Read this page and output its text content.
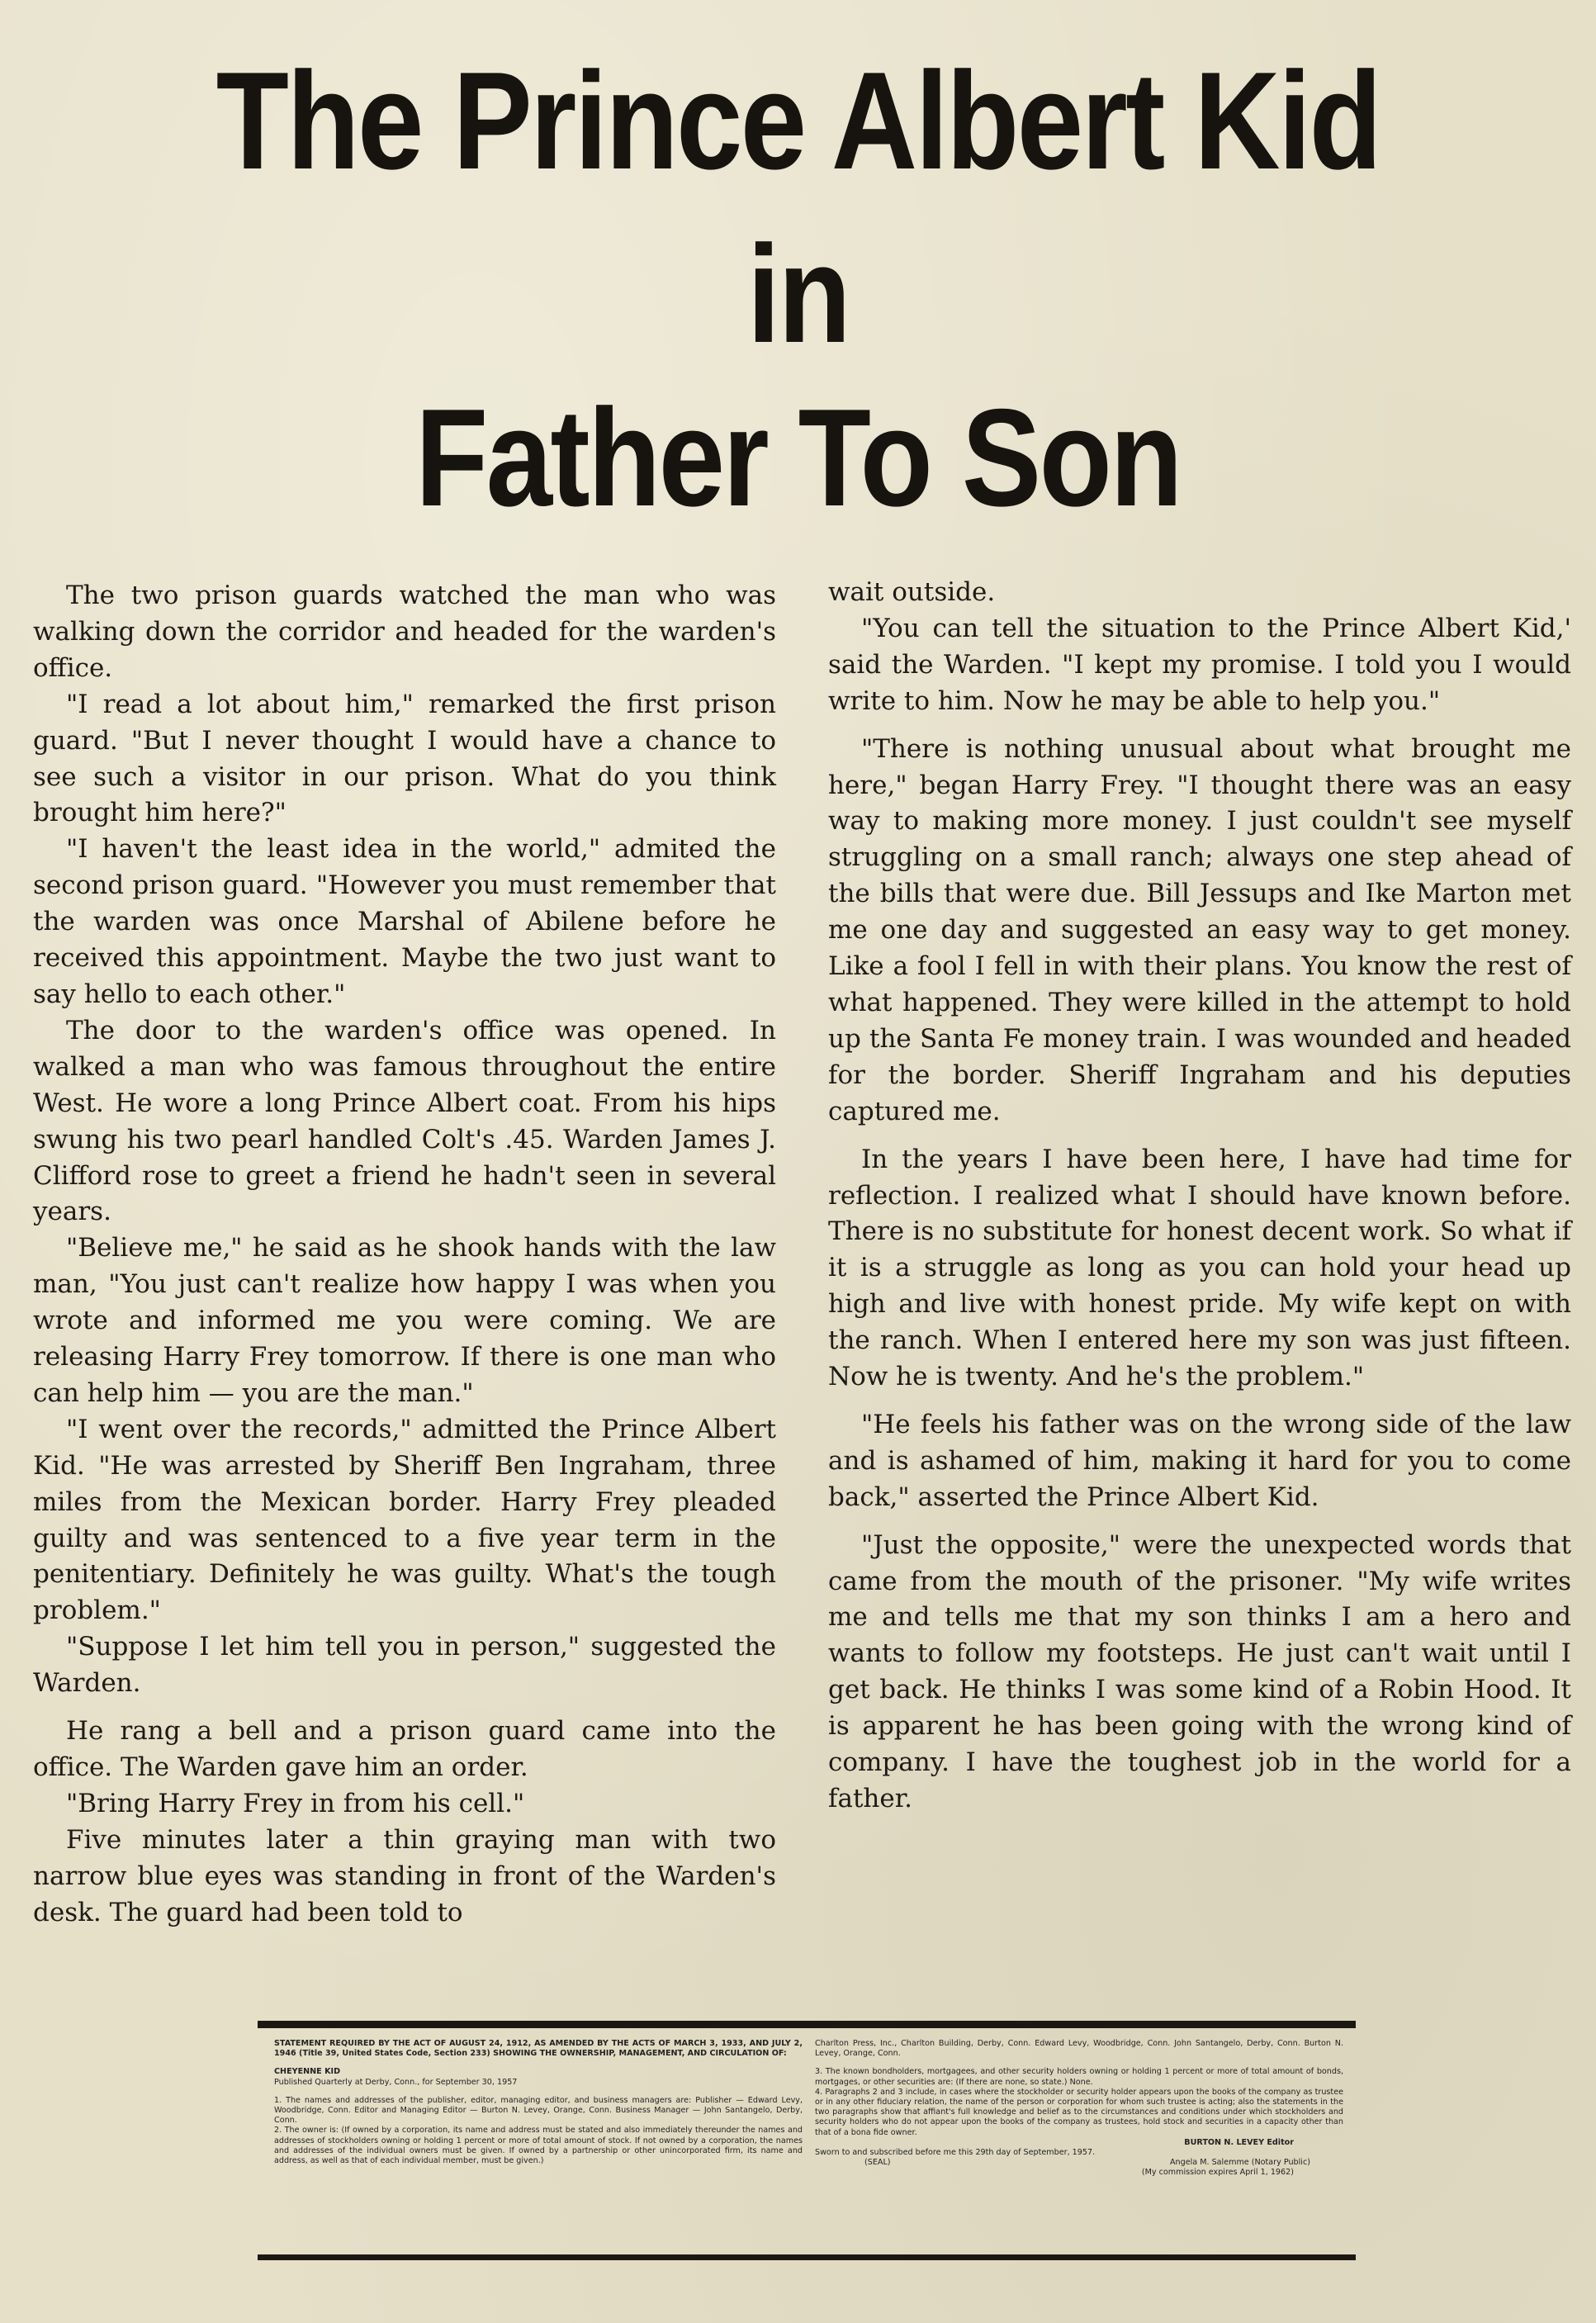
The Prince Albert Kid
in
Father To Son

The two prison guards watched the man who was walking down the corridor and headed for the warden's office.

"I read a lot about him," remarked the first prison guard. "But I never thought I would have a chance to see such a visitor in our prison. What do you think brought him here?"

"I haven't the least idea in the world," admited the second prison guard. "However you must remember that the warden was once Marshal of Abilene before he received this appointment. Maybe the two just want to say hello to each other."

The door to the warden's office was opened. In walked a man who was famous throughout the entire West. He wore a long Prince Albert coat. From his hips swung his two pearl handled Colt's .45. Warden James J. Clifford rose to greet a friend he hadn't seen in several years.

"Believe me," he said as he shook hands with the law man, "You just can't realize how happy I was when you wrote and informed me you were coming. We are releasing Harry Frey tomorrow. If there is one man who can help him — you are the man."

"I went over the records," admitted the Prince Albert Kid. "He was arrested by Sheriff Ben Ingraham, three miles from the Mexican border. Harry Frey pleaded guilty and was sentenced to a five year term in the penitentiary. Definitely he was guilty. What's the tough problem."

"Suppose I let him tell you in person," suggested the Warden.

He rang a bell and a prison guard came into the office. The Warden gave him an order.

"Bring Harry Frey in from his cell."

Five minutes later a thin graying man with two narrow blue eyes was standing in front of the Warden's desk. The guard had been told to

wait outside.

"You can tell the situation to the Prince Albert Kid,' said the Warden. "I kept my promise. I told you I would write to him. Now he may be able to help you."

"There is nothing unusual about what brought me here," began Harry Frey. "I thought there was an easy way to making more money. I just couldn't see myself struggling on a small ranch; always one step ahead of the bills that were due. Bill Jessups and Ike Marton met me one day and suggested an easy way to get money. Like a fool I fell in with their plans. You know the rest of what happened. They were killed in the attempt to hold up the Santa Fe money train. I was wounded and headed for the border. Sheriff Ingraham and his deputies captured me.

In the years I have been here, I have had time for reflection. I realized what I should have known before. There is no substitute for honest decent work. So what if it is a struggle as long as you can hold your head up high and live with honest pride. My wife kept on with the ranch. When I entered here my son was just fifteen. Now he is twenty. And he's the problem."

"He feels his father was on the wrong side of the law and is ashamed of him, making it hard for you to come back," asserted the Prince Albert Kid.

"Just the opposite," were the unexpected words that came from the mouth of the prisoner. "My wife writes me and tells me that my son thinks I am a hero and wants to follow my footsteps. He just can't wait until I get back. He thinks I was some kind of a Robin Hood. It is apparent he has been going with the wrong kind of company. I have the toughest job in the world for a father.

STATEMENT REQUIRED BY THE ACT OF AUGUST 24, 1912, AS AMENDED BY THE ACTS OF MARCH 3, 1933, AND JULY 2, 1946 (Title 39, United States Code, Section 233) SHOWING THE OWNERSHIP, MANAGEMENT, AND CIRCULATION OF:
CHEYENNE KID
Published Quarterly at Derby, Conn., for September 30, 1957
1. The names and addresses of the publisher, editor, managing editor, and business managers are: Publisher — Edward Levy, Woodbridge, Conn. Editor and Managing Editor — Burton N. Levey, Orange, Conn. Business Manager — John Santangelo, Derby, Conn.
2. The owner is: (If owned by a corporation, its name and address must be stated and also immediately thereunder the names and addresses of stockholders owning or holding 1 percent or more of total amount of stock. If not owned by a corporation, the names and addresses of the individual owners must be given. If owned by a partnership or other unincorporated firm, its name and address, as well as that of each individual member, must be given.)
Charlton Press, Inc., Charlton Building, Derby, Conn. Edward Levy, Woodbridge, Conn. John Santangelo, Derby, Conn. Burton N. Levey, Orange, Conn.
3. The known bondholders, mortgagees, and other security holders owning or holding 1 percent or more of total amount of bonds, mortgages, or other securities are: (If there are none, so state.) None.
4. Paragraphs 2 and 3 include, in cases where the stockholder or security holder appears upon the books of the company as trustee or in any other fiduciary relation, the name of the person or corporation for whom such trustee is acting; also the statements in the two paragraphs show that affiant's full knowledge and belief as to the circumstances and conditions under which stockholders and security holders who do not appear upon the books of the company as trustees, hold stock and securities in a capacity other than that of a bona fide owner.
BURTON N. LEVEY Editor
Sworn to and subscribed before me this 29th day of September, 1957.
(SEAL)	Angela M. Salemme (Notary Public)
(My commission expires April 1, 1962)
